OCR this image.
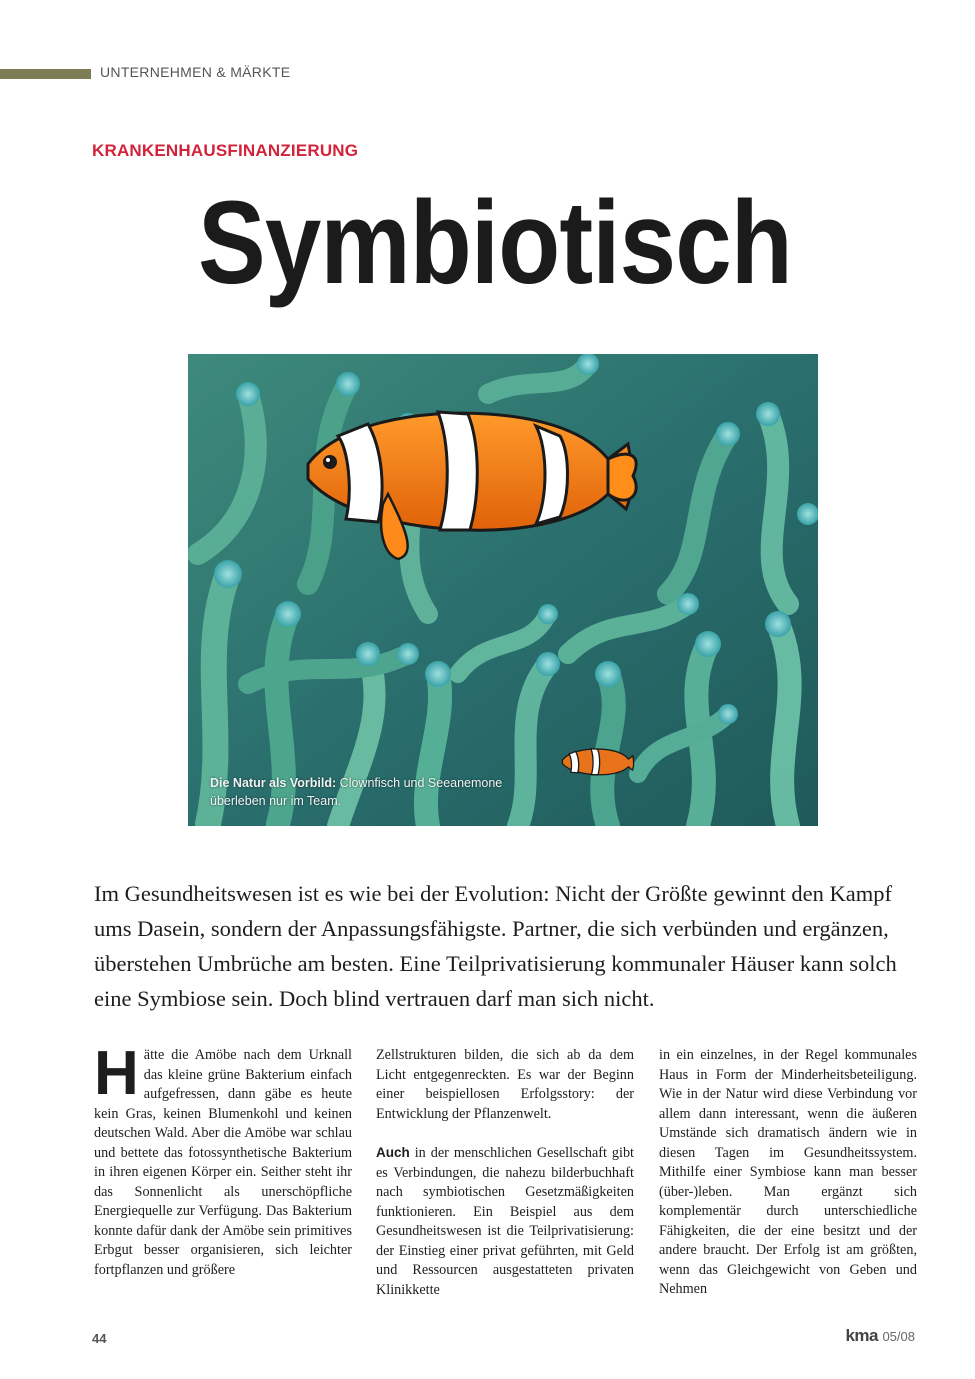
UNTERNEHMEN & MÄRKTE
KRANKENHAUSFINANZIERUNG
Symbiotisch
Die Natur als Vorbild: Clownfisch und Seeanemone überleben nur im Team.
Im Gesundheitswesen ist es wie bei der Evolution: Nicht der Größte gewinnt den Kampf ums Dasein, sondern der Anpassungsfähigste. Partner, die sich verbünden und ergänzen, überstehen Umbrüche am besten. Eine Teilprivatisierung kommunaler Häuser kann solch eine Symbiose sein. Doch blind vertrauen darf man sich nicht.
Hätte die Amöbe nach dem Urknall das kleine grüne Bakterium einfach aufgefressen, dann gäbe es heute kein Gras, keinen Blumenkohl und keinen deutschen Wald. Aber die Amöbe war schlau und bettete das fotossynthetische Bakterium in ihren eigenen Körper ein. Seither steht ihr das Sonnenlicht als unerschöpfliche Energiequelle zur Verfügung. Das Bakterium konnte dafür dank der Amöbe sein primitives Erbgut besser organisieren, sich leichter fortpflanzen und größere
Zellstrukturen bilden, die sich ab da dem Licht entgegenreckten. Es war der Beginn einer beispiellosen Erfolgsstory: der Entwicklung der Pflanzenwelt.
Auch in der menschlichen Gesellschaft gibt es Verbindungen, die nahezu bilderbuchhaft nach symbiotischen Gesetzmäßigkeiten funktionieren. Ein Beispiel aus dem Gesundheitswesen ist die Teilprivatisierung: der Einstieg einer privat geführten, mit Geld und Ressourcen ausgestatteten privaten Klinikkette
in ein einzelnes, in der Regel kommunales Haus in Form der Minderheitsbeteiligung. Wie in der Natur wird diese Verbindung vor allem dann interessant, wenn die äußeren Umstände sich dramatisch ändern wie in diesen Tagen im Gesundheitssystem. Mithilfe einer Symbiose kann man besser (über-)leben. Man ergänzt sich komplementär durch unterschiedliche Fähigkeiten, die der eine besitzt und der andere braucht. Der Erfolg ist am größten, wenn das Gleichgewicht von Geben und Nehmen
44	kma 05/08
